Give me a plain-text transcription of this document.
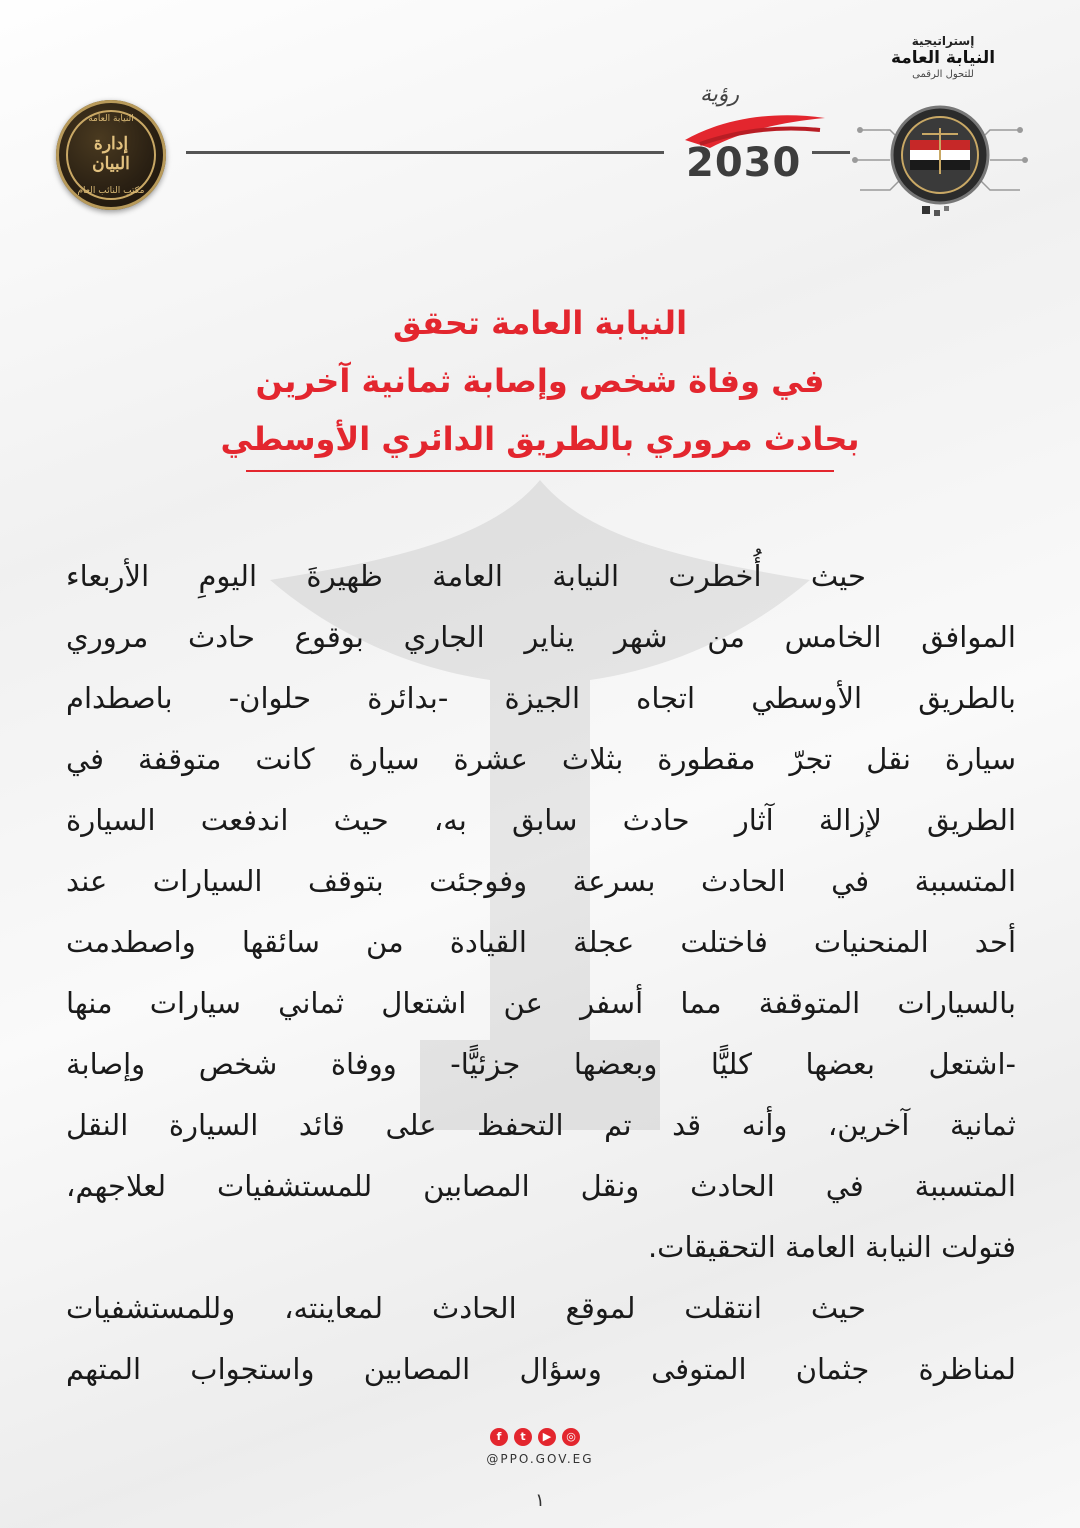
النيابة العامة
إدارة
البيان
مكتب النائب العام
رؤية
2030
إستراتيجية
النيابة العامة
للتحول الرقمى
النيابة العامة تحقق
في وفاة شخص وإصابة ثمانية آخرين
بحادث مروري بالطريق الدائري الأوسطي
حيث أُخطرت النيابة العامة ظهيرةَ اليومِ الأربعاء
الموافق الخامس من شهر يناير الجاري بوقوع حادث مروري
بالطريق الأوسطي اتجاه الجيزة -بدائرة حلوان- باصطدام
سيارة نقل تجرّ مقطورة بثلاث عشرة سيارة كانت متوقفة في
الطريق لإزالة آثار حادث سابق به، حيث اندفعت السيارة
المتسببة في الحادث بسرعة وفوجئت بتوقف السيارات عند
أحد المنحنيات فاختلت عجلة القيادة من سائقها واصطدمت
بالسيارات المتوقفة مما أسفر عن اشتعال ثماني سيارات منها
-اشتعل بعضها كليًّا وبعضها جزئيًّا- ووفاة شخص وإصابة
ثمانية آخرين، وأنه قد تم التحفظ على قائد السيارة النقل
المتسببة في الحادث ونقل المصابين للمستشفيات لعلاجهم،
فتولت النيابة العامة التحقيقات.
حيث انتقلت لموقع الحادث لمعاينته، وللمستشفيات
لمناظرة جثمان المتوفى وسؤال المصابين واستجواب المتهم
f	t	▶	◎
@PPO.GOV.EG
١
